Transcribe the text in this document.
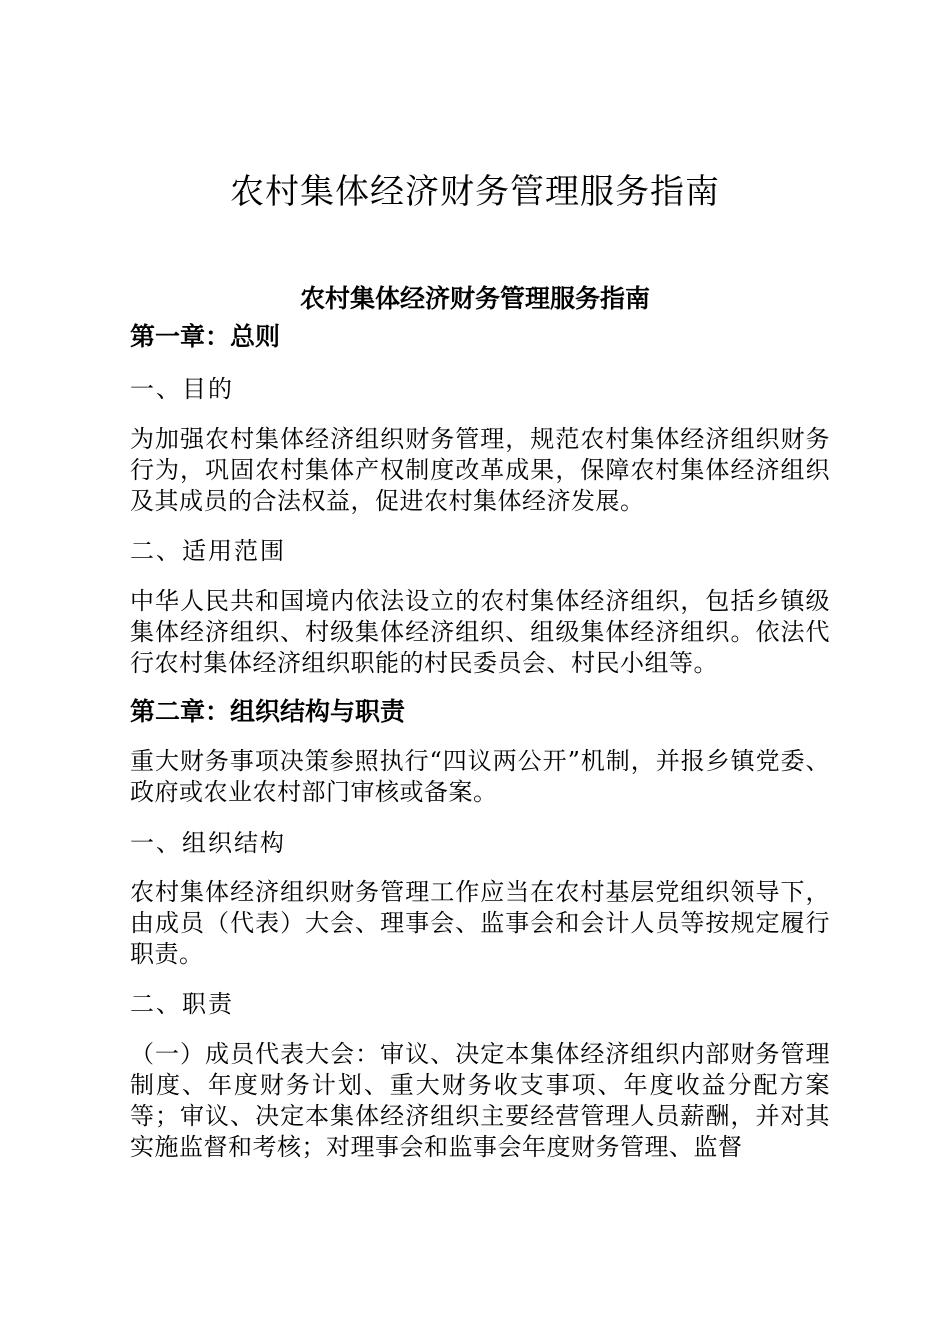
农村集体经济财务管理服务指南
农村集体经济财务管理服务指南
第一章：总则

一、目的

为加强农村集体经济组织财务管理，规范农村集体经济组织财务行为，巩固农村集体产权制度改革成果，保障农村集体经济组织及其成员的合法权益，促进农村集体经济发展。

二、适用范围

中华人民共和国境内依法设立的农村集体经济组织，包括乡镇级集体经济组织、村级集体经济组织、组级集体经济组织。依法代行农村集体经济组织职能的村民委员会、村民小组等。

第二章：组织结构与职责

重大财务事项决策参照执行“四议两公开”机制，并报乡镇党委、政府或农业农村部门审核或备案。

一、组织结构

农村集体经济组织财务管理工作应当在农村基层党组织领导下，由成员（代表）大会、理事会、监事会和会计人员等按规定履行职责。

二、职责

（一）成员代表大会：审议、决定本集体经济组织内部财务管理制度、年度财务计划、重大财务收支事项、年度收益分配方案等；审议、决定本集体经济组织主要经营管理人员薪酬，并对其实施监督和考核；对理事会和监事会年度财务管理、监督
